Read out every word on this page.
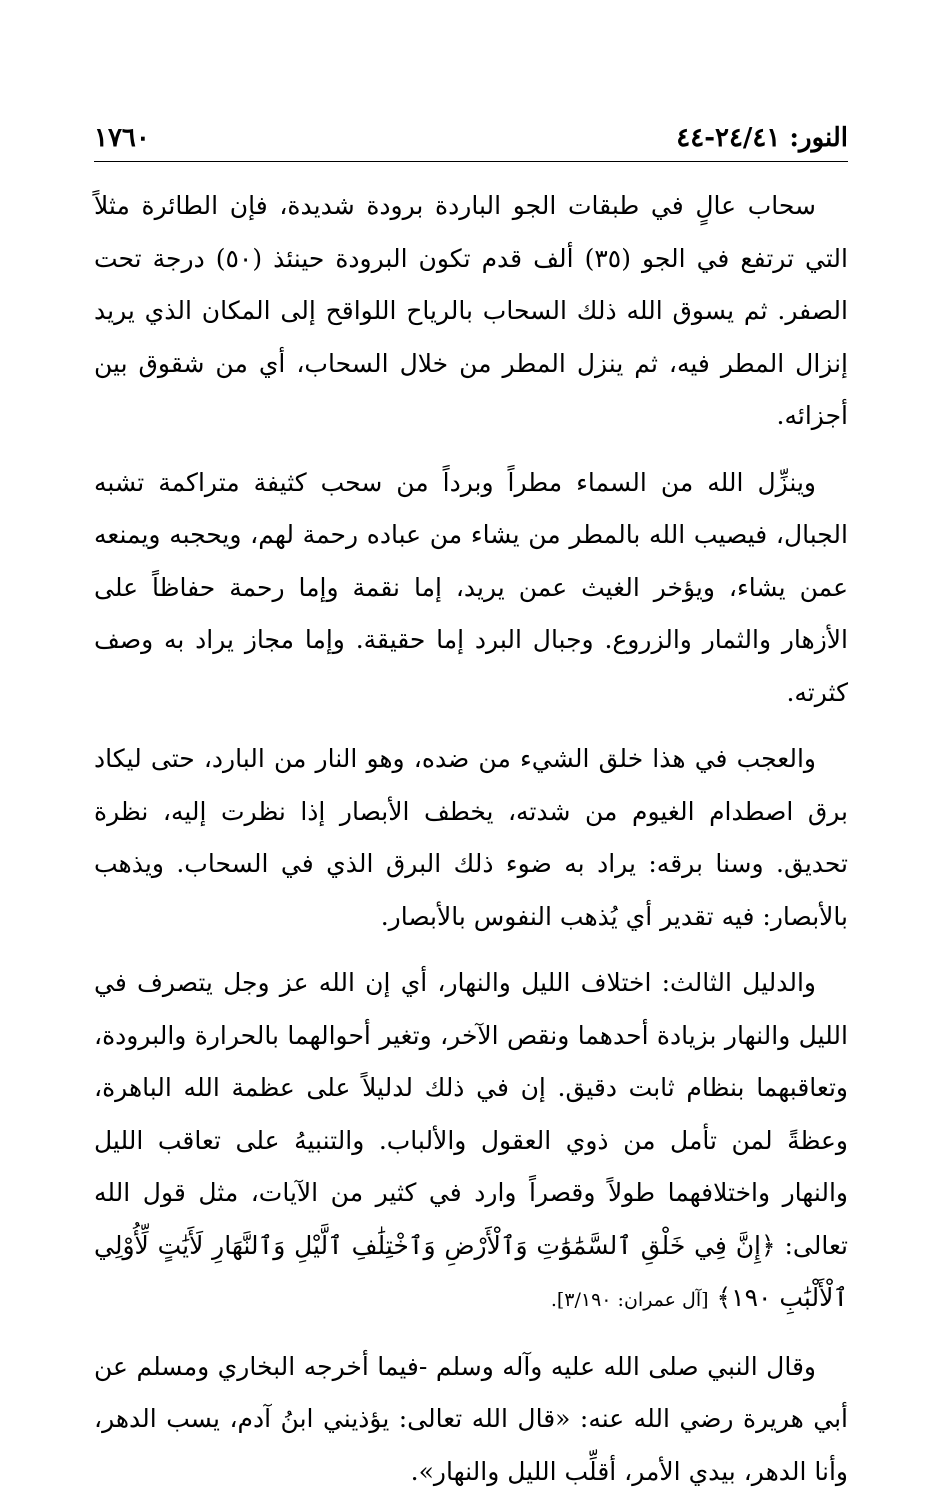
النور: ٢٤/٤١-٤٤
١٧٦٠

سحاب عالٍ في طبقات الجو الباردة برودة شديدة، فإن الطائرة مثلاً التي ترتفع في الجو (٣٥) ألف قدم تكون البرودة حينئذ (٥٠) درجة تحت الصفر. ثم يسوق الله ذلك السحاب بالرياح اللواقح إلى المكان الذي يريد إنزال المطر فيه، ثم ينزل المطر من خلال السحاب، أي من شقوق بين أجزائه.

وينزِّل الله من السماء مطراً وبرداً من سحب كثيفة متراكمة تشبه الجبال، فيصيب الله بالمطر من يشاء من عباده رحمة لهم، ويحجبه ويمنعه عمن يشاء، ويؤخر الغيث عمن يريد، إما نقمة وإما رحمة حفاظاً على الأزهار والثمار والزروع. وجبال البرد إما حقيقة. وإما مجاز يراد به وصف كثرته.

والعجب في هذا خلق الشيء من ضده، وهو النار من البارد، حتى ليكاد برق اصطدام الغيوم من شدته، يخطف الأبصار إذا نظرت إليه، نظرة تحديق. وسنا برقه: يراد به ضوء ذلك البرق الذي في السحاب. ويذهب بالأبصار: فيه تقدير أي يُذهب النفوس بالأبصار.

والدليل الثالث: اختلاف الليل والنهار، أي إن الله عز وجل يتصرف في الليل والنهار بزيادة أحدهما ونقص الآخر، وتغير أحوالهما بالحرارة والبرودة، وتعاقبهما بنظام ثابت دقيق. إن في ذلك لدليلاً على عظمة الله الباهرة، وعظةً لمن تأمل من ذوي العقول والألباب. والتنبيهُ على تعاقب الليل والنهار واختلافهما طولاً وقصراً وارد في كثير من الآيات، مثل قول الله تعالى: ﴿إِنَّ فِي خَلْقِ ٱلسَّمَٰوَٰتِ وَٱلْأَرْضِ وَٱخْتِلَٰفِ ٱلَّيْلِ وَٱلنَّهَارِ لَأَيَٰتٍ لِّأُوْلِي ٱلْأَلْبَٰبِ ١٩٠﴾ [آل عمران: ٣/١٩٠].

وقال النبي صلى الله عليه وآله وسلم -فيما أخرجه البخاري ومسلم عن أبي هريرة رضي الله عنه: «قال الله تعالى: يؤذيني ابنُ آدم، يسب الدهر، وأنا الدهر، بيدي الأمر، أقلِّب الليل والنهار».
